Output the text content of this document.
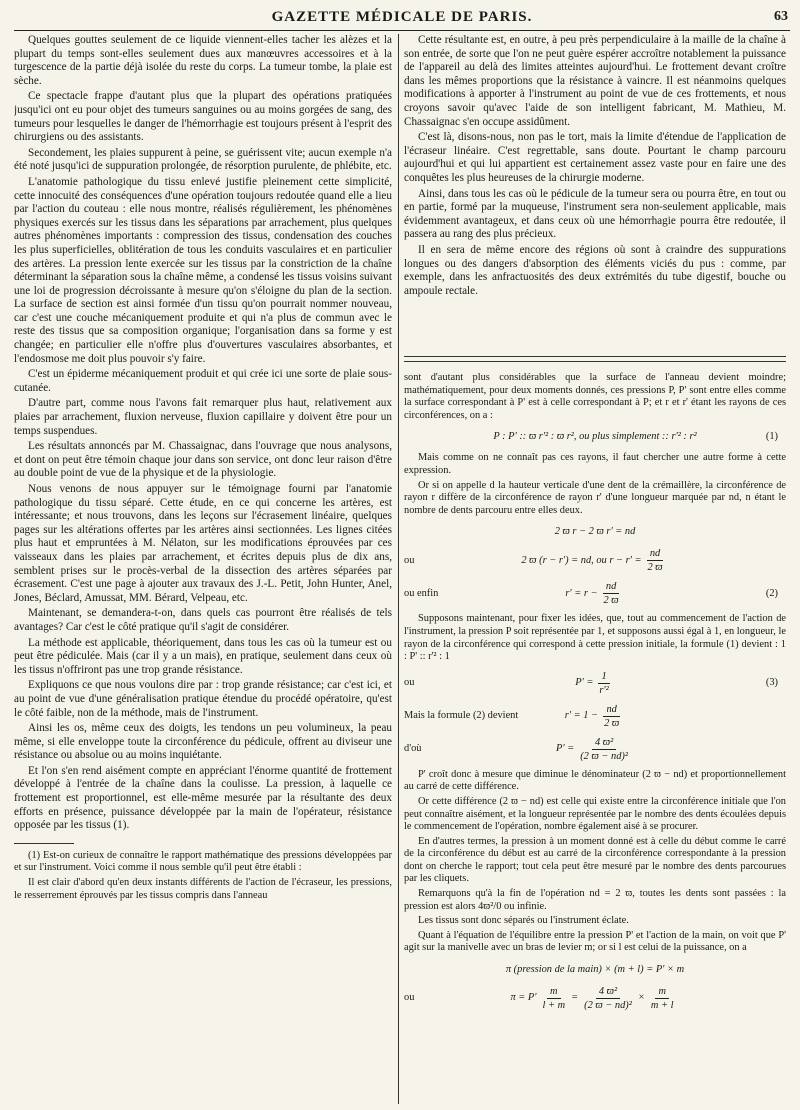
GAZETTE MÉDICALE DE PARIS.	63

Quelques gouttes seulement de ce liquide viennent-elles tacher les alèzes et la plupart du temps sont-elles seulement dues aux manœuvres accessoires et à la turgescence de la partie déjà isolée du reste du corps. La tumeur tombe, la plaie est sèche.

Ce spectacle frappe d'autant plus que la plupart des opérations pratiquées jusqu'ici ont eu pour objet des tumeurs sanguines ou au moins gorgées de sang, des tumeurs pour lesquelles le danger de l'hémorrhagie est toujours présent à l'esprit des chirurgiens ou des assistants.

Secondement, les plaies suppurent à peine, se guérissent vite; aucun exemple n'a été noté jusqu'ici de suppuration prolongée, de résorption purulente, de phlébite, etc.

L'anatomie pathologique du tissu enlevé justifie pleinement cette simplicité, cette innocuité des conséquences d'une opération toujours redoutée quand elle a lieu par l'action du couteau : elle nous montre, réalisés régulièrement, les phénomènes physiques exercés sur les tissus dans les séparations par arrachement, plus quelques autres phénomènes importants : compression des tissus, condensation des couches les plus superficielles, oblitération de tous les conduits vasculaires et en particulier des artères. La pression lente exercée sur les tissus par la constriction de la chaîne déterminant la séparation sous la chaîne même, a condensé les tissus voisins suivant une loi de progression décroissante à mesure qu'on s'éloigne du plan de la section. La surface de section est ainsi formée d'un tissu qu'on pourrait nommer nouveau, car c'est une couche mécaniquement produite et qui n'a plus de commun avec le reste des tissus que sa composition organique; l'organisation dans sa forme y est changée; en particulier elle n'offre plus d'ouvertures vasculaires absorbantes, et l'endosmose me doit plus pouvoir s'y faire.

C'est un épiderme mécaniquement produit et qui crée ici une sorte de plaie sous-cutanée.

D'autre part, comme nous l'avons fait remarquer plus haut, relativement aux plaies par arrachement, fluxion nerveuse, fluxion capillaire y doivent être pour un temps suspendues.

Les résultats annoncés par M. Chassaignac, dans l'ouvrage que nous analysons, et dont on peut être témoin chaque jour dans son service, ont donc leur raison d'être au double point de vue de la physique et de la physiologie.

Nous venons de nous appuyer sur le témoignage fourni par l'anatomie pathologique du tissu séparé. Cette étude, en ce qui concerne les artères, est intéressante; et nous trouvons, dans les leçons sur l'écrasement linéaire, quelques pages sur les altérations offertes par les artères ainsi sectionnées. Les lignes citées plus haut et empruntées à M. Nélaton, sur les modifications éprouvées par ces vaisseaux dans les plaies par arrachement, et écrites depuis plus de dix ans, semblent prises sur le procès-verbal de la dissection des artères séparées par écrasement. C'est une page à ajouter aux travaux des J.-L. Petit, John Hunter, Anel, Jones, Béclard, Amussat, MM. Bérard, Velpeau, etc.

Maintenant, se demandera-t-on, dans quels cas pourront être réalisés de tels avantages? Car c'est le côté pratique qu'il s'agit de considérer.

La méthode est applicable, théoriquement, dans tous les cas où la tumeur est ou peut être pédiculée. Mais (car il y a un mais), en pratique, seulement dans ceux où les tissus n'offriront pas une trop grande résistance.

Expliquons ce que nous voulons dire par : trop grande résistance; car c'est ici, et au point de vue d'une généralisation pratique étendue du procédé opératoire, qu'est le côté faible, non de la méthode, mais de l'instrument.

Ainsi les os, même ceux des doigts, les tendons un peu volumineux, la peau même, si elle enveloppe toute la circonférence du pédicule, offrent au diviseur une résistance ou absolue ou au moins inquiétante.

Et l'on s'en rend aisément compte en appréciant l'énorme quantité de frottement développé à l'entrée de la chaîne dans la coulisse. La pression, à laquelle ce frottement est proportionnel, est elle-même mesurée par la résultante des deux efforts en présence, puissance développée par la main de l'opérateur, résistance opposée par les tissus (1).

(1) Est-on curieux de connaître le rapport mathématique des pressions développées par et sur l'instrument. Voici comme il nous semble qu'il peut être établi :

Il est clair d'abord qu'en deux instants différents de l'action de l'écraseur, les pressions, le resserrement éprouvés par les tissus compris dans l'anneau

Cette résultante est, en outre, à peu près perpendiculaire à la maille de la chaîne à son entrée, de sorte que l'on ne peut guère espérer accroître notablement la puissance de l'appareil au delà des limites atteintes aujourd'hui. Le frottement devant croître dans les mêmes proportions que la résistance à vaincre. Il est néanmoins quelques modifications à apporter à l'instrument au point de vue de ces frottements, et nous croyons savoir qu'avec l'aide de son intelligent fabricant, M. Mathieu, M. Chassaignac s'en occupe assidûment.

C'est là, disons-nous, non pas le tort, mais la limite d'étendue de l'application de l'écraseur linéaire. C'est regrettable, sans doute. Pourtant le champ parcouru aujourd'hui et qui lui appartient est certainement assez vaste pour en faire une des conquêtes les plus heureuses de la chirurgie moderne.

Ainsi, dans tous les cas où le pédicule de la tumeur sera ou pourra être, en tout ou en partie, formé par la muqueuse, l'instrument sera non-seulement applicable, mais évidemment avantageux, et dans ceux où une hémorrhagie pourra être redoutée, il passera au rang des plus précieux.

Il en sera de même encore des régions où sont à craindre des suppurations longues ou des dangers d'absorption des éléments viciés du pus : comme, par exemple, dans les anfractuosités des deux extrémités du tube digestif, bouche ou ampoule rectale.

sont d'autant plus considérables que la surface de l'anneau devient moindre; mathématiquement, pour deux moments donnés, ces pressions P, P' sont entre elles comme la surface correspondant à P' est à celle correspondant à P; et r et r' étant les rayons de ces circonférences, on a :

P : P' :: ϖ r'² : ϖ r², ou plus simplement :: r'² : r²	(1)

Mais comme on ne connaît pas ces rayons, il faut chercher une autre forme à cette expression.

Or si on appelle d la hauteur verticale d'une dent de la crémaillère, la circonférence de rayon r diffère de la circonférence de rayon r' d'une longueur marquée par nd, n étant le nombre de dents parcouru entre elles deux.

2 ϖ r − 2 ϖ r' = nd
ou	2 ϖ (r − r') = nd, ou $r - r' = \frac{nd}{2 ϖ}$
ou enfin	$r' = r - \frac{nd}{2 ϖ}$	(2)

Supposons maintenant, pour fixer les idées, que, tout au commencement de l'action de l'instrument, la pression P soit représentée par 1, et supposons aussi égal à 1, en longueur, le rayon de la circonférence qui correspond à cette pression initiale, la formule (1) devient : 1 : P' :: r'² : 1

ou	$P' = \frac{1}{\text{r'²}}$	(3)
Mais la formule (2) devient	$r' = 1 - \frac{nd}{2 ϖ}$
d'où	$P' = \frac{\text{4 ϖ²}}{\text{(2 ϖ − nd)²}}$

P' croît donc à mesure que diminue le dénominateur (2 ϖ − nd) et proportionnellement au carré de cette différence.

Or cette différence (2 ϖ − nd) est celle qui existe entre la circonférence initiale que l'on peut connaître aisément, et la longueur représentée par le nombre des dents écoulées depuis le commencement de l'opération, nombre également aisé à se procurer.

En d'autres termes, la pression à un moment donné est à celle du début comme le carré de la circonférence du début est au carré de la circonférence correspondante à la pression dont on cherche le rapport; tout cela peut être mesuré par le nombre des dents parcourues par les cliquets.

Remarquons qu'à la fin de l'opération nd = 2 ϖ, toutes les dents sont passées : la pression est alors 4ϖ²/0 ou infinie.

Les tissus sont donc séparés ou l'instrument éclate.

Quant à l'équation de l'équilibre entre la pression P' et l'action de la main, on voit que P' agit sur la manivelle avec un bras de levier m; or si l est celui de la puissance, on a

π (pression de la main) × (m + l) = P' × m
ou	$\pi = P' \frac{m}{l + m} = \frac{\text{4 ϖ²}}{\text{(2 ϖ − nd)²}} \times \frac{m}{m + l}$
